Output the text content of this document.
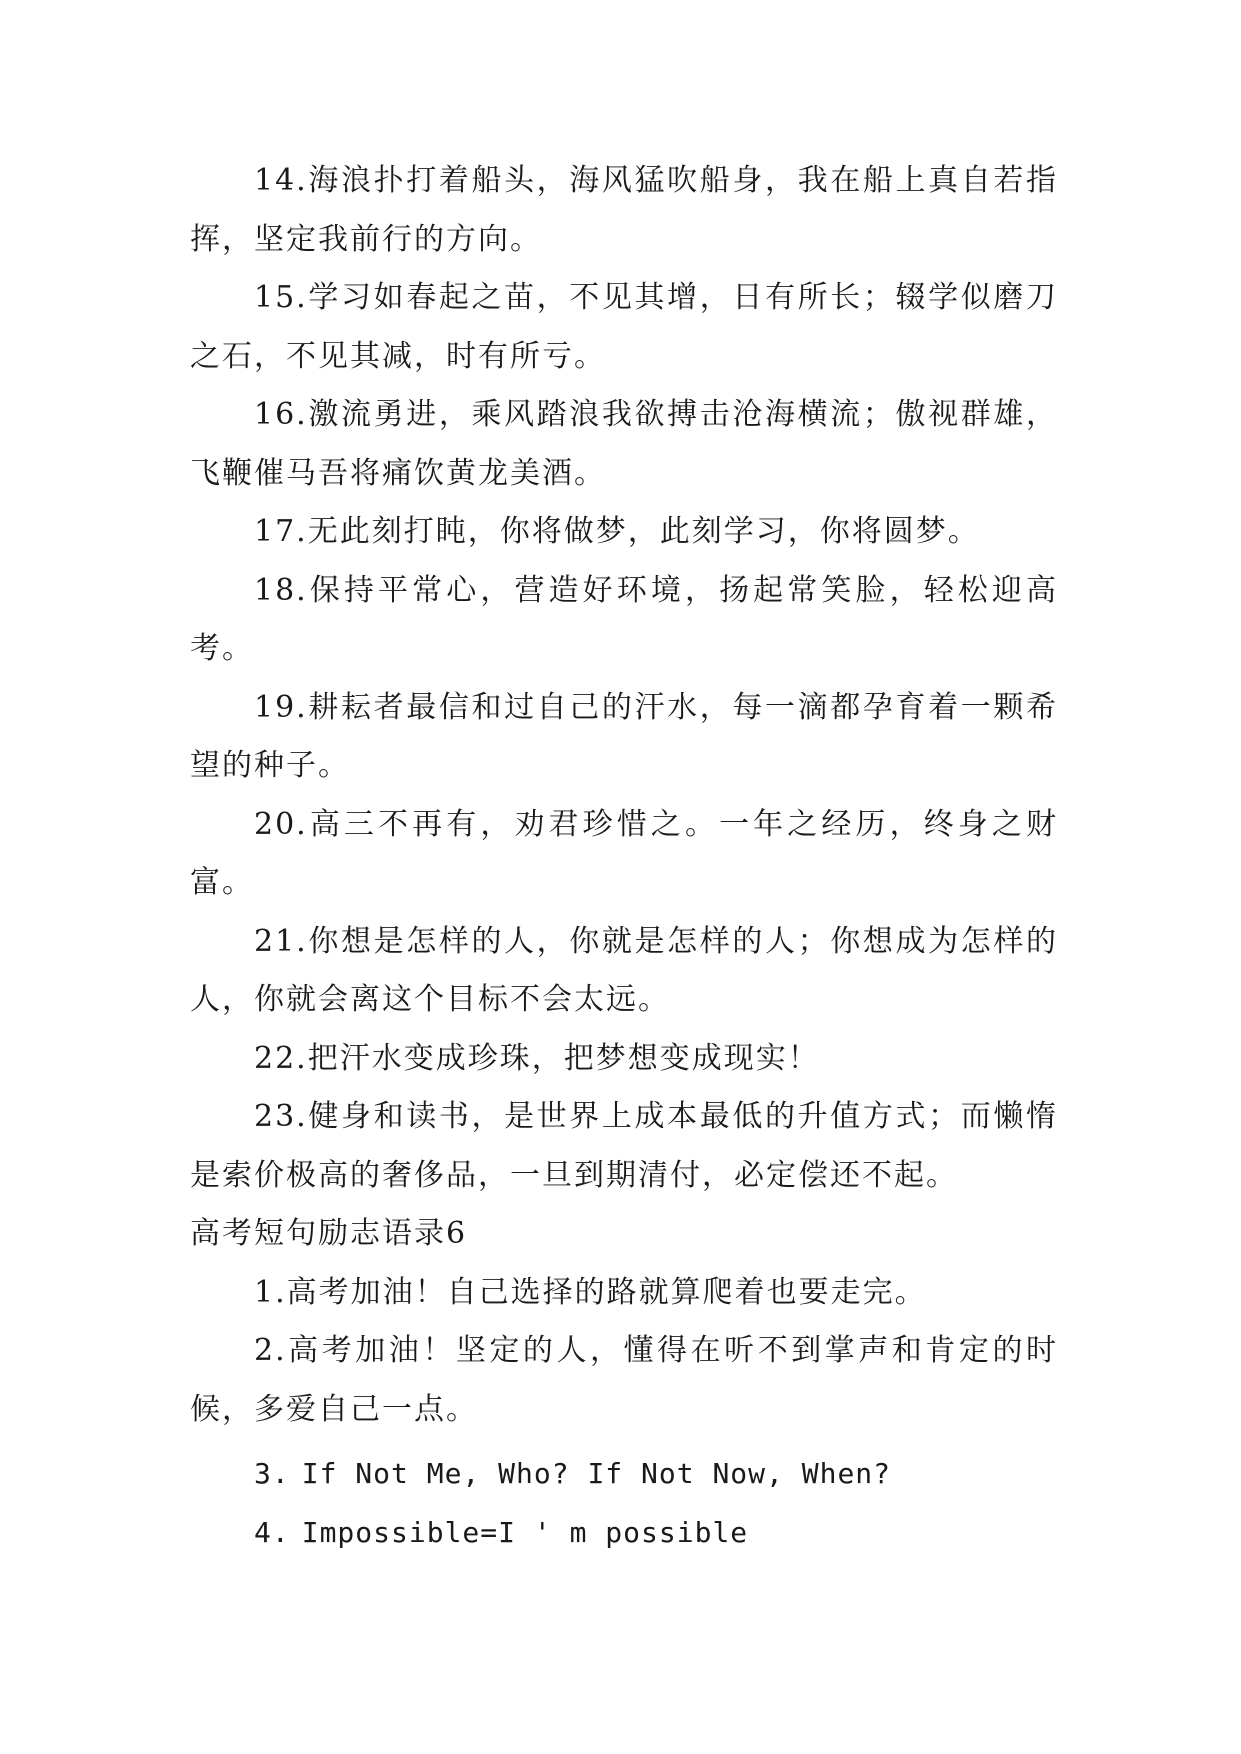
14.海浪扑打着船头，海风猛吹船身，我在船上真自若指挥，坚定我前行的方向。

15.学习如春起之苗，不见其增，日有所长；辍学似磨刀之石，不见其减，时有所亏。

16.激流勇进，乘风踏浪我欲搏击沧海横流；傲视群雄，飞鞭催马吾将痛饮黄龙美酒。

17.无此刻打盹，你将做梦，此刻学习，你将圆梦。

18.保持平常心，营造好环境，扬起常笑脸，轻松迎高考。

19.耕耘者最信和过自己的汗水，每一滴都孕育着一颗希望的种子。

20.高三不再有，劝君珍惜之。一年之经历，终身之财富。

21.你想是怎样的人，你就是怎样的人；你想成为怎样的人，你就会离这个目标不会太远。

22.把汗水变成珍珠，把梦想变成现实！

23.健身和读书，是世界上成本最低的升值方式；而懒惰是索价极高的奢侈品，一旦到期清付，必定偿还不起。

高考短句励志语录6

1.高考加油！自己选择的路就算爬着也要走完。

2.高考加油！坚定的人，懂得在听不到掌声和肯定的时候，多爱自己一点。

3. If Not Me, Who? If Not Now, When?

4. Impossible=I ' m possible
